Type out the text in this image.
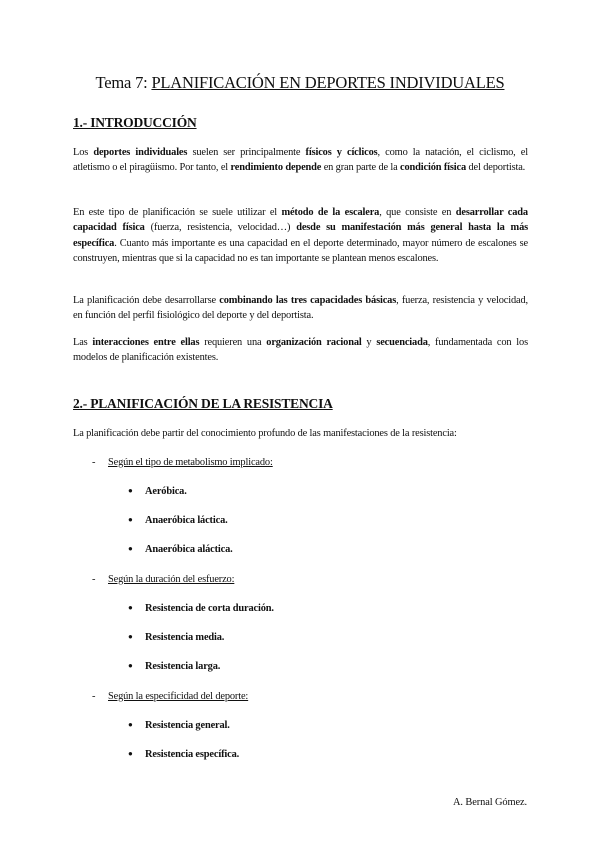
Tema 7: PLANIFICACIÓN EN DEPORTES INDIVIDUALES
1.- INTRODUCCIÓN
Los deportes individuales suelen ser principalmente físicos y cíclicos, como la natación, el ciclismo, el atletismo o el piragüismo. Por tanto, el rendimiento depende en gran parte de la condición física del deportista.
En este tipo de planificación se suele utilizar el método de la escalera, que consiste en desarrollar cada capacidad física (fuerza, resistencia, velocidad…) desde su manifestación más general hasta la más específica. Cuanto más importante es una capacidad en el deporte determinado, mayor número de escalones se construyen, mientras que si la capacidad no es tan importante se plantean menos escalones.
La planificación debe desarrollarse combinando las tres capacidades básicas, fuerza, resistencia y velocidad, en función del perfil fisiológico del deporte y del deportista.
Las interacciones entre ellas requieren una organización racional y secuenciada, fundamentada con los modelos de planificación existentes.
2.- PLANIFICACIÓN DE LA RESISTENCIA
La planificación debe partir del conocimiento profundo de las manifestaciones de la resistencia:
- Según el tipo de metabolismo implicado:
● Aeróbica.
● Anaeróbica láctica.
● Anaeróbica aláctica.
- Según la duración del esfuerzo:
● Resistencia de corta duración.
● Resistencia media.
● Resistencia larga.
- Según la especificidad del deporte:
● Resistencia general.
● Resistencia específica.
A. Bernal Gómez.
